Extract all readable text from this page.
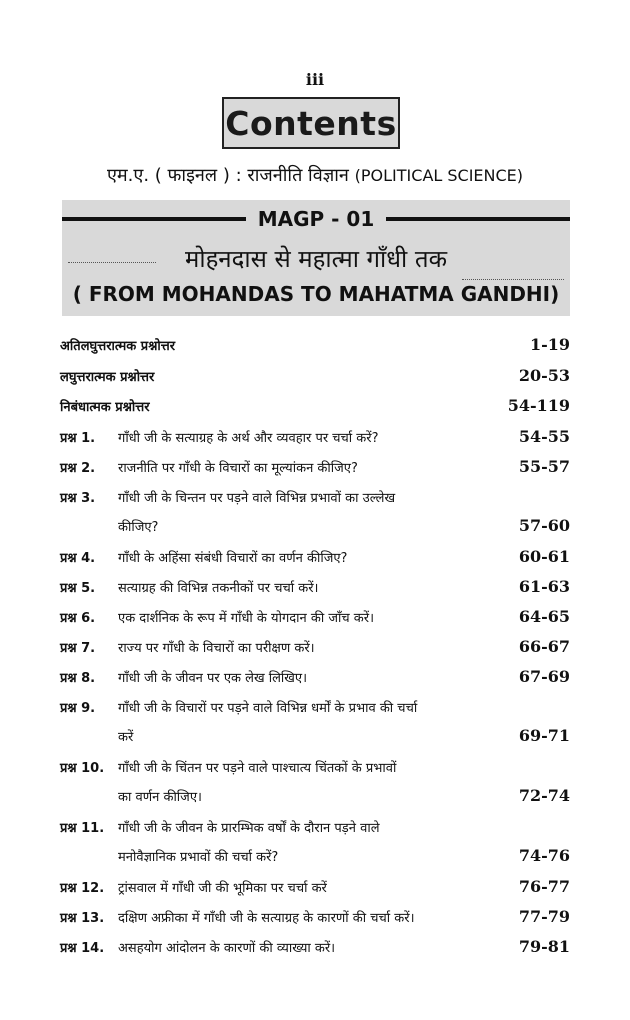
iii
Contents
एम.ए. ( फाइनल ) : राजनीति विज्ञान (POLITICAL SCIENCE)
MAGP - 01
मोहनदास से महात्मा गाँधी तक
( FROM MOHANDAS TO MAHATMA GANDHI)
अतिलघुत्तरात्मक प्रश्नोत्तर	1-19
लघुत्तरात्मक प्रश्नोत्तर	20-53
निबंधात्मक प्रश्नोत्तर	54-119
प्रश्न 1. गाँधी जी के सत्याग्रह के अर्थ और व्यवहार पर चर्चा करें?	54-55
प्रश्न 2. राजनीति पर गाँधी के विचारों का मूल्यांकन कीजिए?	55-57
प्रश्न 3. गाँधी जी के चिन्तन पर पड़ने वाले विभिन्न प्रभावों का उल्लेख
कीजिए?	57-60
प्रश्न 4. गाँधी के अहिंसा संबंधी विचारों का वर्णन कीजिए?	60-61
प्रश्न 5. सत्याग्रह की विभिन्न तकनीकों पर चर्चा करें।	61-63
प्रश्न 6. एक दार्शनिक के रूप में गाँधी के योगदान की जाँच करें।	64-65
प्रश्न 7. राज्य पर गाँधी के विचारों का परीक्षण करें।	66-67
प्रश्न 8. गाँधी जी के जीवन पर एक लेख लिखिए।	67-69
प्रश्न 9. गाँधी जी के विचारों पर पड़ने वाले विभिन्न धर्मों के प्रभाव की चर्चा
करें	69-71
प्रश्न 10. गाँधी जी के चिंतन पर पड़ने वाले पाश्चात्य चिंतकों के प्रभावों
का वर्णन कीजिए।	72-74
प्रश्न 11. गाँधी जी के जीवन के प्रारम्भिक वर्षों के दौरान पड़ने वाले
मनोवैज्ञानिक प्रभावों की चर्चा करें?	74-76
प्रश्न 12. ट्रांसवाल में गाँधी जी की भूमिका पर चर्चा करें	76-77
प्रश्न 13. दक्षिण अफ्रीका में गाँधी जी के सत्याग्रह के कारणों की चर्चा करें।	77-79
प्रश्न 14. असहयोग आंदोलन के कारणों की व्याख्या करें।	79-81
